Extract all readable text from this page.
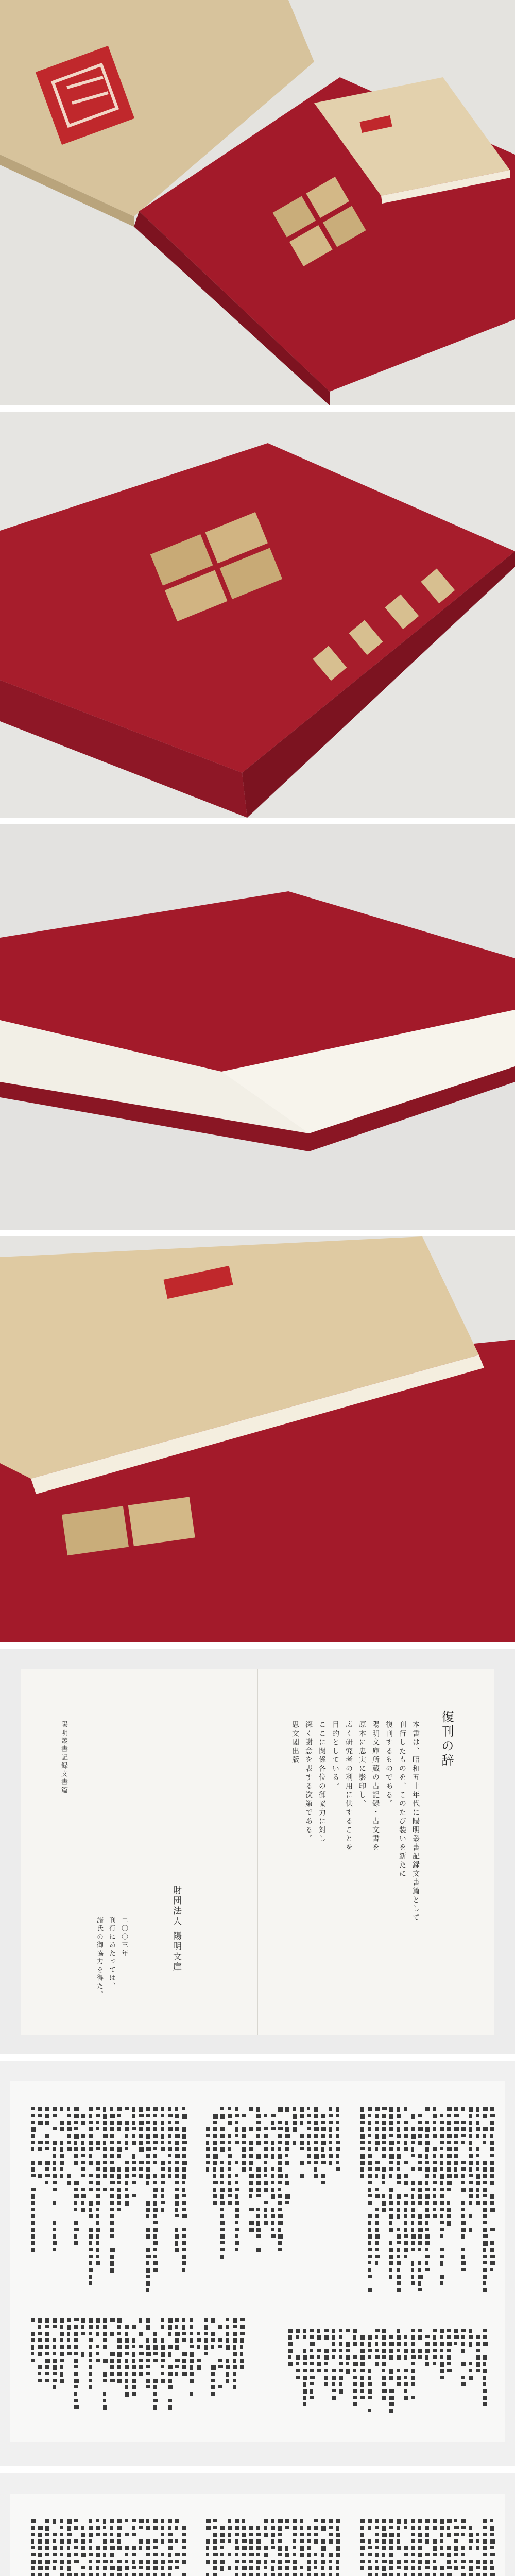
復刊の辞
本書は、昭和五十年代に陽明叢書記録文書篇として
刊行したものを、このたび装いを新たに
復刊するものである。
陽明文庫所蔵の古記録・古文書を
原本に忠実に影印し、
広く研究者の利用に供することを
目的としている。
ここに関係各位の御協力に対し
深く謝意を表する次第である。
思文閣出版
陽明叢書記録文書篇
財団法人 陽明文庫
二〇〇三年
刊行にあたっては、
諸氏の御協力を得た。
